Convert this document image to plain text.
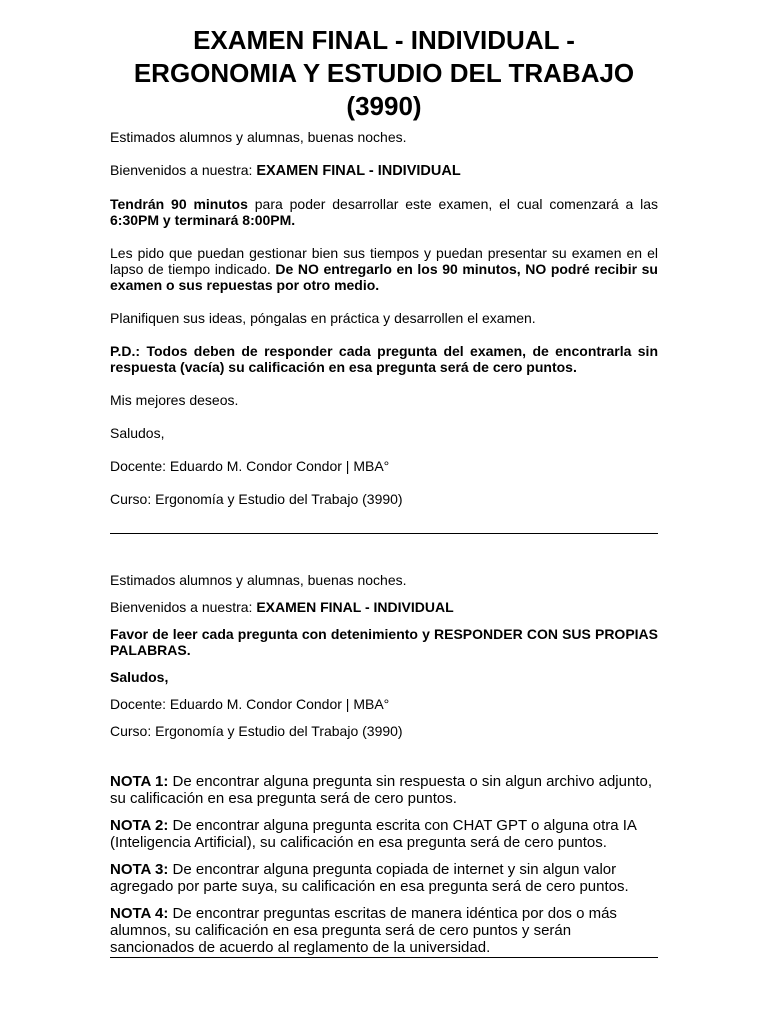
EXAMEN FINAL - INDIVIDUAL -
ERGONOMIA Y ESTUDIO DEL TRABAJO
(3990)

Estimados alumnos y alumnas, buenas noches.

Bienvenidos a nuestra: EXAMEN FINAL - INDIVIDUAL

Tendrán 90 minutos para poder desarrollar este examen, el cual comenzará a las 6:30PM y terminará 8:00PM.

Les pido que puedan gestionar bien sus tiempos y puedan presentar su examen en el lapso de tiempo indicado. De NO entregarlo en los 90 minutos, NO podré recibir su examen o sus repuestas por otro medio.

Planifiquen sus ideas, póngalas en práctica y desarrollen el examen.

P.D.: Todos deben de responder cada pregunta del examen, de encontrarla sin respuesta (vacía) su calificación en esa pregunta será de cero puntos.

Mis mejores deseos.

Saludos,

Docente: Eduardo M. Condor Condor | MBA°

Curso: Ergonomía y Estudio del Trabajo (3990)

Estimados alumnos y alumnas, buenas noches.

Bienvenidos a nuestra: EXAMEN FINAL - INDIVIDUAL

Favor de leer cada pregunta con detenimiento y RESPONDER CON SUS PROPIAS PALABRAS.

Saludos,

Docente: Eduardo M. Condor Condor | MBA°

Curso: Ergonomía y Estudio del Trabajo (3990)

NOTA 1: De encontrar alguna pregunta sin respuesta o sin algun archivo adjunto, su calificación en esa pregunta será de cero puntos.

NOTA 2: De encontrar alguna pregunta escrita con CHAT GPT o alguna otra IA (Inteligencia Artificial), su calificación en esa pregunta será de cero puntos.

NOTA 3: De encontrar alguna pregunta copiada de internet y sin algun valor agregado por parte suya, su calificación en esa pregunta será de cero puntos.

NOTA 4: De encontrar preguntas escritas de manera idéntica por dos o más alumnos, su calificación en esa pregunta será de cero puntos y serán sancionados de acuerdo al reglamento de la universidad.
